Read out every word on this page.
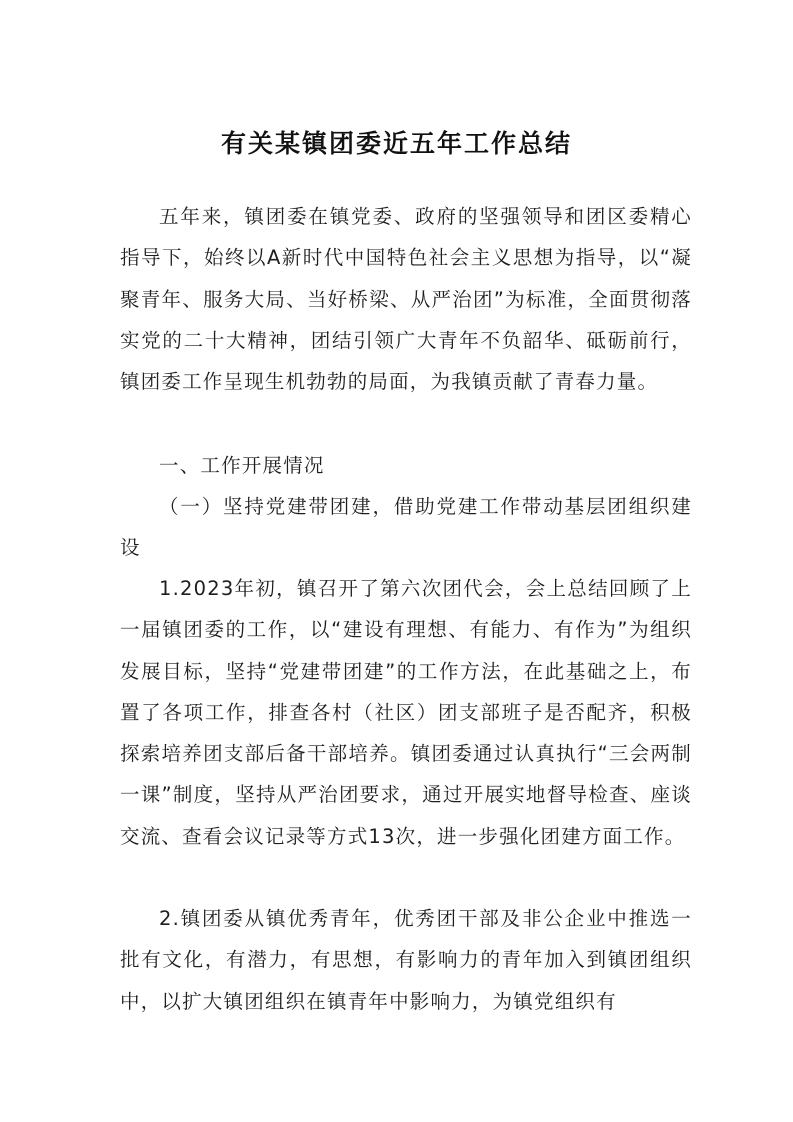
有关某镇团委近五年工作总结

五年来，镇团委在镇党委、政府的坚强领导和团区委精心指导下，始终以A新时代中国特色社会主义思想为指导，以“凝聚青年、服务大局、当好桥梁、从严治团”为标准，全面贯彻落实党的二十大精神，团结引领广大青年不负韶华、砥砺前行，镇团委工作呈现生机勃勃的局面，为我镇贡献了青春力量。

一、工作开展情况

（一）坚持党建带团建，借助党建工作带动基层团组织建设

1.2023年初，镇召开了第六次团代会，会上总结回顾了上一届镇团委的工作，以“建设有理想、有能力、有作为”为组织发展目标，坚持“党建带团建”的工作方法，在此基础之上，布置了各项工作，排查各村（社区）团支部班子是否配齐，积极探索培养团支部后备干部培养。镇团委通过认真执行“三会两制一课”制度，坚持从严治团要求，通过开展实地督导检查、座谈交流、查看会议记录等方式13次，进一步强化团建方面工作。

2.镇团委从镇优秀青年，优秀团干部及非公企业中推选一批有文化，有潜力，有思想，有影响力的青年加入到镇团组织中，以扩大镇团组织在镇青年中影响力，为镇党组织有
